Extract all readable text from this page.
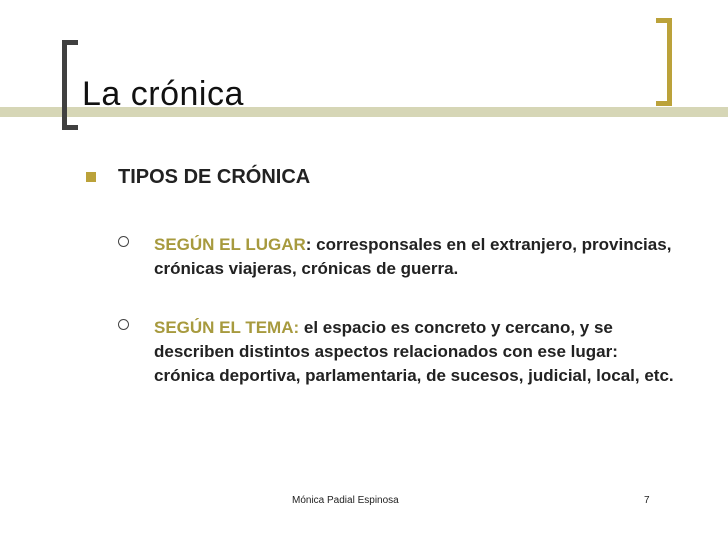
La crónica
TIPOS DE CRÓNICA
SEGÚN EL LUGAR: corresponsales en el extranjero, provincias, crónicas viajeras, crónicas de guerra.
SEGÚN EL TEMA: el espacio es concreto y cercano, y se describen distintos aspectos relacionados con ese lugar: crónica deportiva, parlamentaria, de sucesos, judicial, local, etc.
Mónica Padial Espinosa	7
